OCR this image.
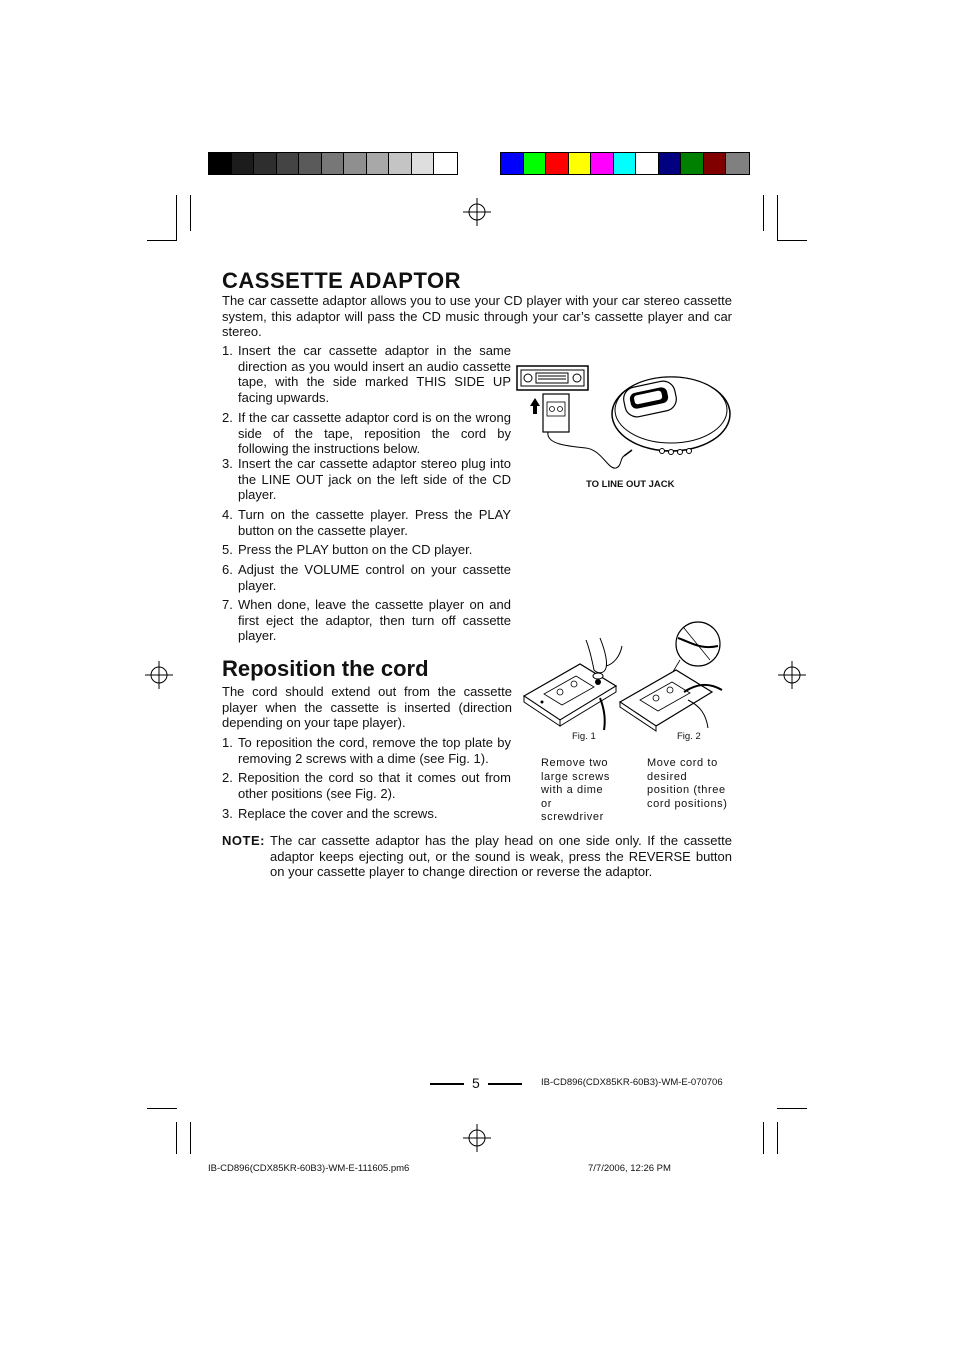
CASSETTE ADAPTOR
The car cassette adaptor allows you to use your CD player with your car stereo cassette system, this adaptor will pass the CD music through your car’s cassette player and car stereo.
1. Insert the car cassette adaptor in the same direction as you would insert an audio cassette tape, with the side marked THIS SIDE UP facing upwards.
2. If the car cassette adaptor cord is on the wrong side of the tape, reposition the cord by following the instructions below.
3. Insert the car cassette adaptor stereo plug into the LINE OUT jack on the left side of the CD player.
4. Turn on the cassette player. Press the PLAY button on the cassette player.
5. Press the PLAY button on the CD player.
6. Adjust the VOLUME control on your cassette player.
7. When done, leave the cassette player on and first eject the adaptor, then turn off cassette player.
TO LINE OUT JACK
Reposition the cord
The cord should extend out from the cassette player when the cassette is inserted (direction depending on your tape player).
1. To reposition the cord, remove the top plate by removing 2 screws with a dime (see Fig. 1).
2. Reposition the cord so that it comes out from other positions (see Fig. 2).
3. Replace the cover and the screws.
Fig. 1	Fig. 2
Remove two large screws with a dime or screwdriver
Move cord to desired position (three cord positions)
NOTE: The car cassette adaptor has the play head on one side only. If the cassette adaptor keeps ejecting out, or the sound is weak, press the REVERSE button on your cassette player to change direction or reverse the adaptor.
5	IB-CD896(CDX85KR-60B3)-WM-E-070706
IB-CD896(CDX85KR-60B3)-WM-E-111605.pm6	7/7/2006, 12:26 PM
